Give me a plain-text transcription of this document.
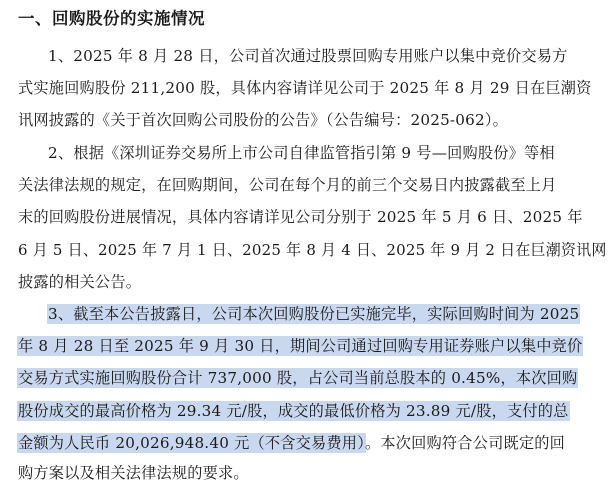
一、回购股份的实施情况
1、2025 年 8 月 28 日，公司首次通过股票回购专用账户以集中竞价交易方
式实施回购股份 211,200 股，具体内容请详见公司于 2025 年 8 月 29 日在巨潮资
讯网披露的《关于首次回购公司股份的公告》（公告编号：2025-062）。
2、根据《深圳证券交易所上市公司自律监管指引第 9 号—回购股份》等相
关法律法规的规定，在回购期间，公司在每个月的前三个交易日内披露截至上月
末的回购股份进展情况，具体内容请详见公司分别于 2025 年 5 月 6 日、2025 年
6 月 5 日、2025 年 7 月 1 日、2025 年 8 月 4 日、2025 年 9 月 2 日在巨潮资讯网
披露的相关公告。
3、截至本公告披露日，公司本次回购股份已实施完毕，实际回购时间为 2025
年 8 月 28 日至 2025 年 9 月 30 日，期间公司通过回购专用证券账户以集中竞价
交易方式实施回购股份合计 737,000 股，占公司当前总股本的 0.45%，本次回购
股份成交的最高价格为 29.34 元/股，成交的最低价格为 23.89 元/股，支付的总
金额为人民币 20,026,948.40 元（不含交易费用）。本次回购符合公司既定的回
购方案以及相关法律法规的要求。
